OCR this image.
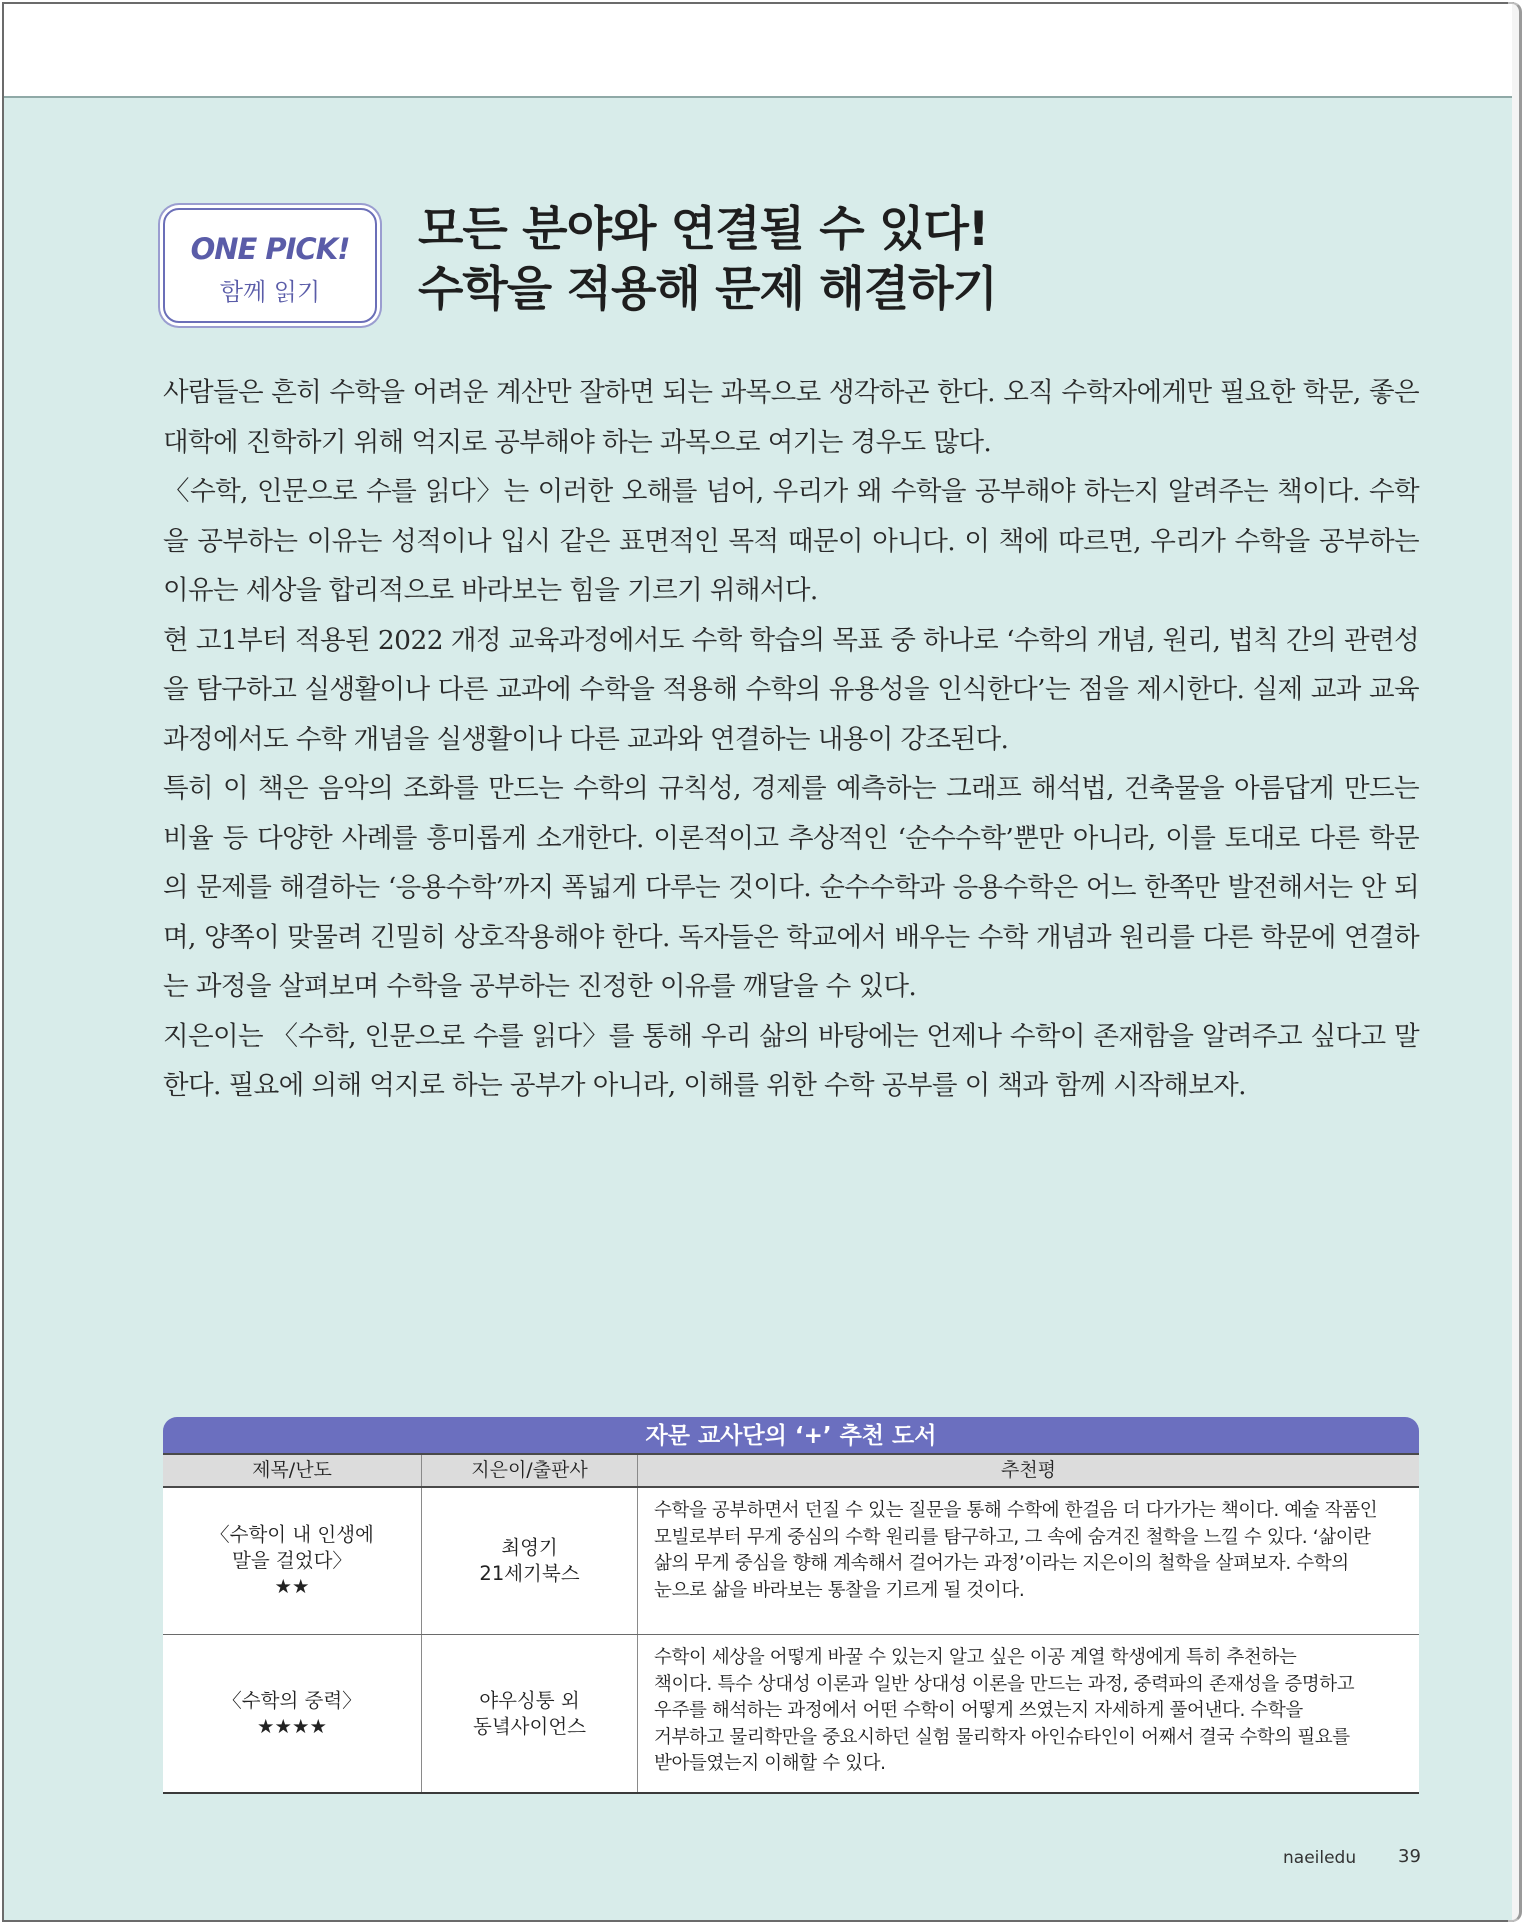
ONE PICK!
함께 읽기
모든 분야와 연결될 수 있다!
수학을 적용해 문제 해결하기

사람들은 흔히 수학을 어려운 계산만 잘하면 되는 과목으로 생각하곤 한다. 오직 수학자에게만 필요한 학문, 좋은 대학에 진학하기 위해 억지로 공부해야 하는 과목으로 여기는 경우도 많다.

〈수학, 인문으로 수를 읽다〉는 이러한 오해를 넘어, 우리가 왜 수학을 공부해야 하는지 알려주는 책이다. 수학을 공부하는 이유는 성적이나 입시 같은 표면적인 목적 때문이 아니다. 이 책에 따르면, 우리가 수학을 공부하는 이유는 세상을 합리적으로 바라보는 힘을 기르기 위해서다.

현 고1부터 적용된 2022 개정 교육과정에서도 수학 학습의 목표 중 하나로 ‘수학의 개념, 원리, 법칙 간의 관련성을 탐구하고 실생활이나 다른 교과에 수학을 적용해 수학의 유용성을 인식한다’는 점을 제시한다. 실제 교과 교육과정에서도 수학 개념을 실생활이나 다른 교과와 연결하는 내용이 강조된다.

특히 이 책은 음악의 조화를 만드는 수학의 규칙성, 경제를 예측하는 그래프 해석법, 건축물을 아름답게 만드는 비율 등 다양한 사례를 흥미롭게 소개한다. 이론적이고 추상적인 ‘순수수학’뿐만 아니라, 이를 토대로 다른 학문의 문제를 해결하는 ‘응용수학’까지 폭넓게 다루는 것이다. 순수수학과 응용수학은 어느 한쪽만 발전해서는 안 되며, 양쪽이 맞물려 긴밀히 상호작용해야 한다. 독자들은 학교에서 배우는 수학 개념과 원리를 다른 학문에 연결하는 과정을 살펴보며 수학을 공부하는 진정한 이유를 깨달을 수 있다.

지은이는 〈수학, 인문으로 수를 읽다〉를 통해 우리 삶의 바탕에는 언제나 수학이 존재함을 알려주고 싶다고 말한다. 필요에 의해 억지로 하는 공부가 아니라, 이해를 위한 수학 공부를 이 책과 함께 시작해보자.

자문 교사단의 ‘+’ 추천 도서
제목/난도	지은이/출판사	추천평
〈수학이 내 인생에
말을 걸었다〉
★★
최영기
21세기북스
수학을 공부하면서 던질 수 있는 질문을 통해 수학에 한걸음 더 다가가는 책이다. 예술 작품인
모빌로부터 무게 중심의 수학 원리를 탐구하고, 그 속에 숨겨진 철학을 느낄 수 있다. ‘삶이란
삶의 무게 중심을 향해 계속해서 걸어가는 과정’이라는 지은이의 철학을 살펴보자. 수학의
눈으로 삶을 바라보는 통찰을 기르게 될 것이다.
〈수학의 중력〉
★★★★
야우싱퉁 외
동녘사이언스
수학이 세상을 어떻게 바꿀 수 있는지 알고 싶은 이공 계열 학생에게 특히 추천하는
책이다. 특수 상대성 이론과 일반 상대성 이론을 만드는 과정, 중력파의 존재성을 증명하고
우주를 해석하는 과정에서 어떤 수학이 어떻게 쓰였는지 자세하게 풀어낸다. 수학을
거부하고 물리학만을 중요시하던 실험 물리학자 아인슈타인이 어째서 결국 수학의 필요를
받아들였는지 이해할 수 있다.
naeiledu 39
